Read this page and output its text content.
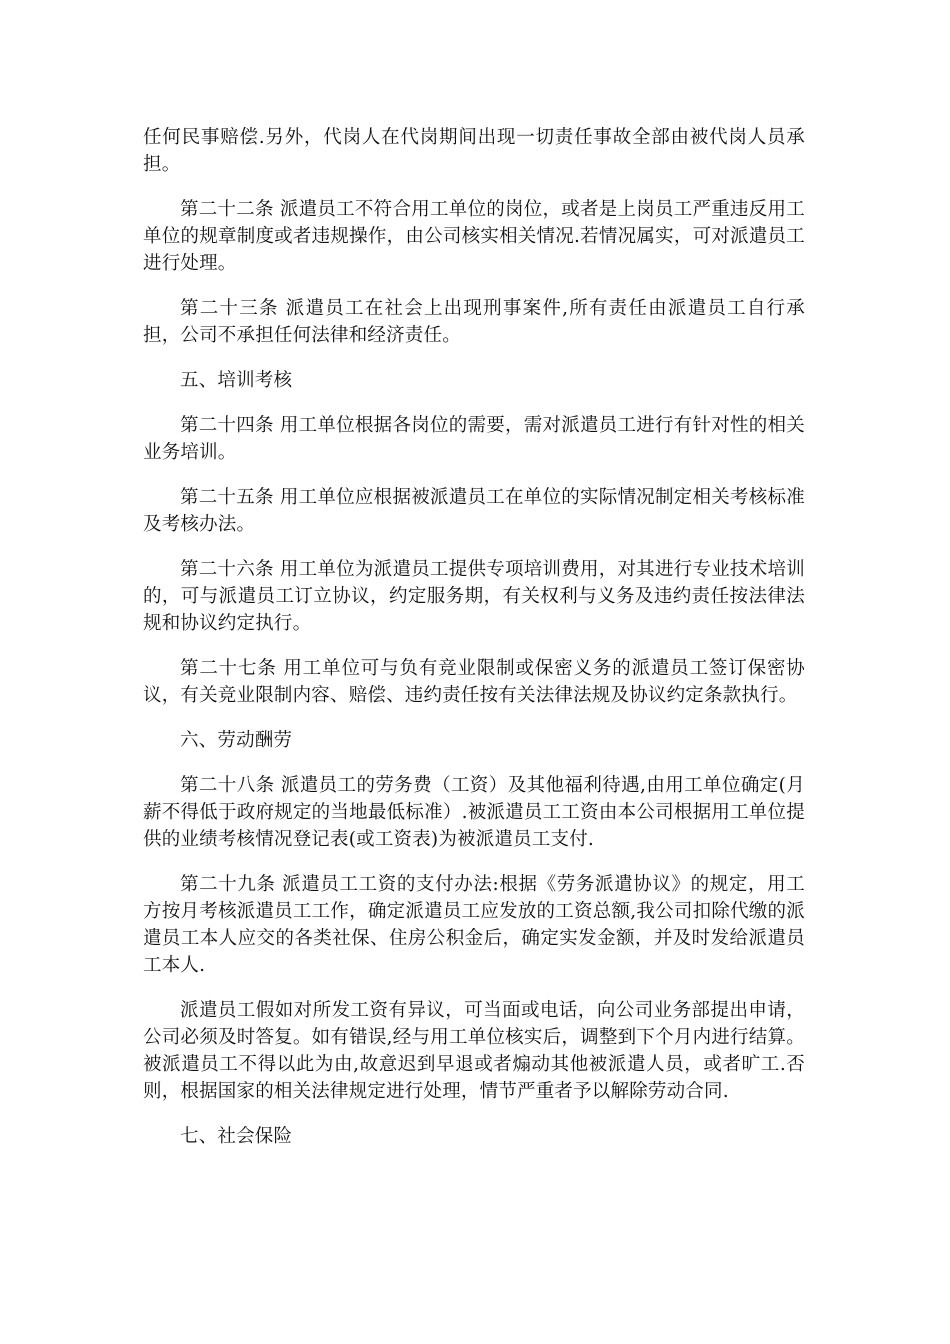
任何民事赔偿.另外，代岗人在代岗期间出现一切责任事故全部由被代岗人员承担。

第二十二条 派遣员工不符合用工单位的岗位，或者是上岗员工严重违反用工单位的规章制度或者违规操作，由公司核实相关情况.若情况属实，可对派遣员工进行处理。

第二十三条 派遣员工在社会上出现刑事案件,所有责任由派遣员工自行承担，公司不承担任何法律和经济责任。

五、培训考核

第二十四条 用工单位根据各岗位的需要，需对派遣员工进行有针对性的相关业务培训。

第二十五条 用工单位应根据被派遣员工在单位的实际情况制定相关考核标准及考核办法。

第二十六条 用工单位为派遣员工提供专项培训费用，对其进行专业技术培训的，可与派遣员工订立协议，约定服务期，有关权利与义务及违约责任按法律法规和协议约定执行。

第二十七条 用工单位可与负有竞业限制或保密义务的派遣员工签订保密协议，有关竞业限制内容、赔偿、违约责任按有关法律法规及协议约定条款执行。

六、劳动酬劳

第二十八条 派遣员工的劳务费（工资）及其他福利待遇,由用工单位确定(月薪不得低于政府规定的当地最低标准）.被派遣员工工资由本公司根据用工单位提供的业绩考核情况登记表(或工资表)为被派遣员工支付.

第二十九条 派遣员工工资的支付办法:根据《劳务派遣协议》的规定，用工方按月考核派遣员工工作，确定派遣员工应发放的工资总额,我公司扣除代缴的派遣员工本人应交的各类社保、住房公积金后，确定实发金额，并及时发给派遣员工本人.

派遣员工假如对所发工资有异议，可当面或电话，向公司业务部提出申请，公司必须及时答复。如有错误,经与用工单位核实后，调整到下个月内进行结算。被派遣员工不得以此为由,故意迟到早退或者煽动其他被派遣人员，或者旷工.否则，根据国家的相关法律规定进行处理，情节严重者予以解除劳动合同.

七、社会保险
